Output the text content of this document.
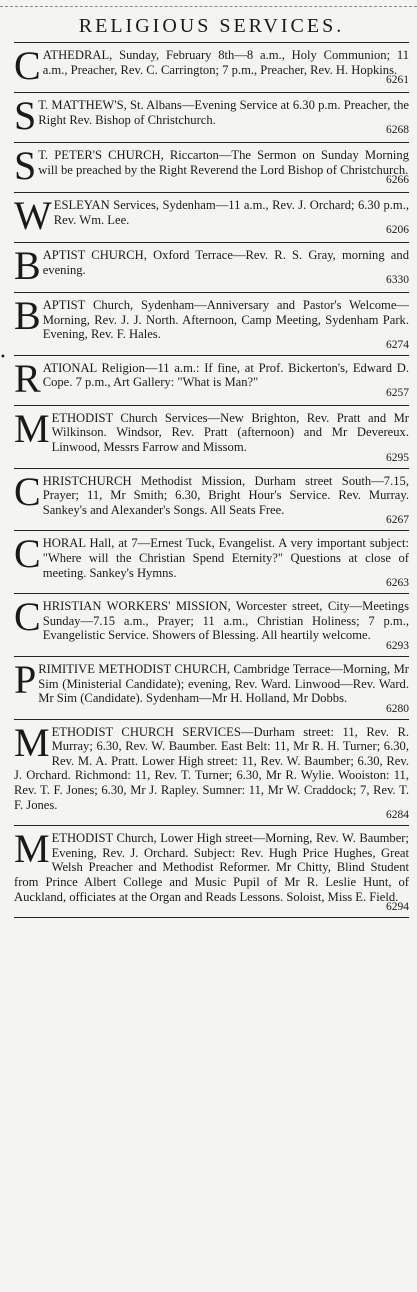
RELIGIOUS SERVICES.
CATHEDRAL, Sunday, February 8th—8 a.m., Holy Communion; 11 a.m., Preacher, Rev. C. Carrington; 7 p.m., Preacher, Rev. H. Hopkins.
6261
S T. MATTHEW'S, St. Albans—Evening Service at 6.30 p.m. Preacher, the Right Rev. Bishop of Christchurch.
6268
S T. PETER'S CHURCH, Riccarton—The Sermon on Sunday Morning will be preached by the Right Reverend the Lord Bishop of Christchurch.
6266
WESLEYAN Services, Sydenham—11 a.m., Rev. J. Orchard; 6.30 p.m., Rev. Wm. Lee.
6206
BAPTIST CHURCH, Oxford Terrace—Rev. R. S. Gray, morning and evening.
6330
BAPTIST Church, Sydenham—Anniversary and Pastor's Welcome—Morning, Rev. J. J. North. Afternoon, Camp Meeting, Sydenham Park. Evening, Rev. F. Hales.
6274
RATIONAL Religion—11 a.m.: If fine, at Prof. Bickerton's, Edward D. Cope. 7 p.m., Art Gallery: "What is Man?"
6257
METHODIST Church Services—New Brighton, Rev. Pratt and Mr Wilkinson. Windsor, Rev. Pratt (afternoon) and Mr Devereux. Linwood, Messrs Farrow and Missom.
6295
CHRISTCHURCH Methodist Mission, Durham street South—7.15, Prayer; 11, Mr Smith; 6.30, Bright Hour's Service. Rev. Murray. Sankey's and Alexander's Songs. All Seats Free.
6267
CHORAL Hall, at 7—Ernest Tuck, Evangelist. A very important subject: "Where will the Christian Spend Eternity?" Questions at close of meeting. Sankey's Hymns.
6263
CHRISTIAN WORKERS' MISSION, Worcester street, City—Meetings Sunday—7.15 a.m., Prayer; 11 a.m., Christian Holiness; 7 p.m., Evangelistic Service. Showers of Blessing. All heartily welcome.
6293
PRIMITIVE METHODIST CHURCH, Cambridge Terrace—Morning, Mr Sim (Ministerial Candidate); evening, Rev. Ward. Linwood—Rev. Ward. Mr Sim (Candidate). Sydenham—Mr H. Holland, Mr Dobbs.
6280
METHODIST CHURCH SERVICES—Durham street: 11, Rev. R. Murray; 6.30, Rev. W. Baumber. East Belt: 11, Mr R. H. Turner; 6.30, Rev. M. A. Pratt. Lower High street: 11, Rev. W. Baumber; 6.30, Rev. J. Orchard. Richmond: 11, Rev. T. Turner; 6.30, Mr R. Wylie. Wooiston: 11, Rev. T. F. Jones; 6.30, Mr J. Rapley. Sumner: 11, Mr W. Craddock; 7, Rev. T. F. Jones.
6284
METHODIST Church, Lower High street—Morning, Rev. W. Baumber; Evening, Rev. J. Orchard. Subject: Rev. Hugh Price Hughes, Great Welsh Preacher and Methodist Reformer. Mr Chitty, Blind Student from Prince Albert College and Music Pupil of Mr R. Leslie Hunt, of Auckland, officiates at the Organ and Reads Lessons. Soloist, Miss E. Field.
6294
•
